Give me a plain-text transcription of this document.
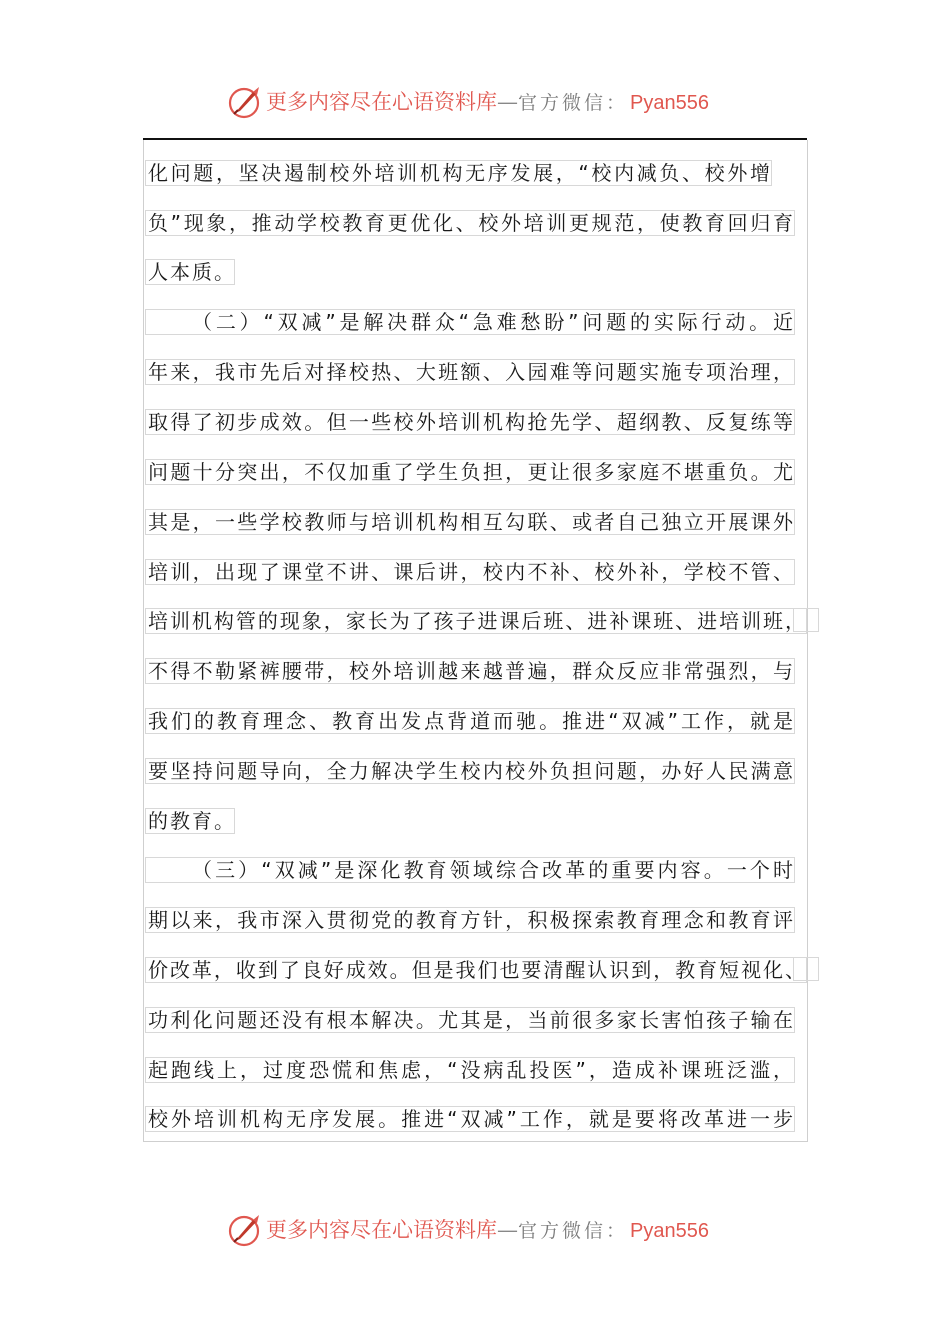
更多内容尽在心语资料库—官方微信： Pyan556
化问题，坚决遏制校外培训机构无序发展，“校内减负、校外增
负”现象，推动学校教育更优化、校外培训更规范，使教育回归育
人本质。
（二）“双减”是解决群众“急难愁盼”问题的实际行动。近
年来，我市先后对择校热、大班额、入园难等问题实施专项治理，
取得了初步成效。但一些校外培训机构抢先学、超纲教、反复练等
问题十分突出，不仅加重了学生负担，更让很多家庭不堪重负。尤
其是，一些学校教师与培训机构相互勾联、或者自己独立开展课外
培训，出现了课堂不讲、课后讲，校内不补、校外补，学校不管、
培训机构管的现象，家长为了孩子进课后班、进补课班、进培训班，
不得不勒紧裤腰带，校外培训越来越普遍，群众反应非常强烈，与
我们的教育理念、教育出发点背道而驰。推进“双减”工作，就是
要坚持问题导向，全力解决学生校内校外负担问题，办好人民满意
的教育。
（三）“双减”是深化教育领域综合改革的重要内容。一个时
期以来，我市深入贯彻党的教育方针，积极探索教育理念和教育评
价改革，收到了良好成效。但是我们也要清醒认识到，教育短视化、
功利化问题还没有根本解决。尤其是，当前很多家长害怕孩子输在
起跑线上，过度恐慌和焦虑，“没病乱投医”，造成补课班泛滥，
校外培训机构无序发展。推进“双减”工作，就是要将改革进一步
更多内容尽在心语资料库—官方微信： Pyan556
